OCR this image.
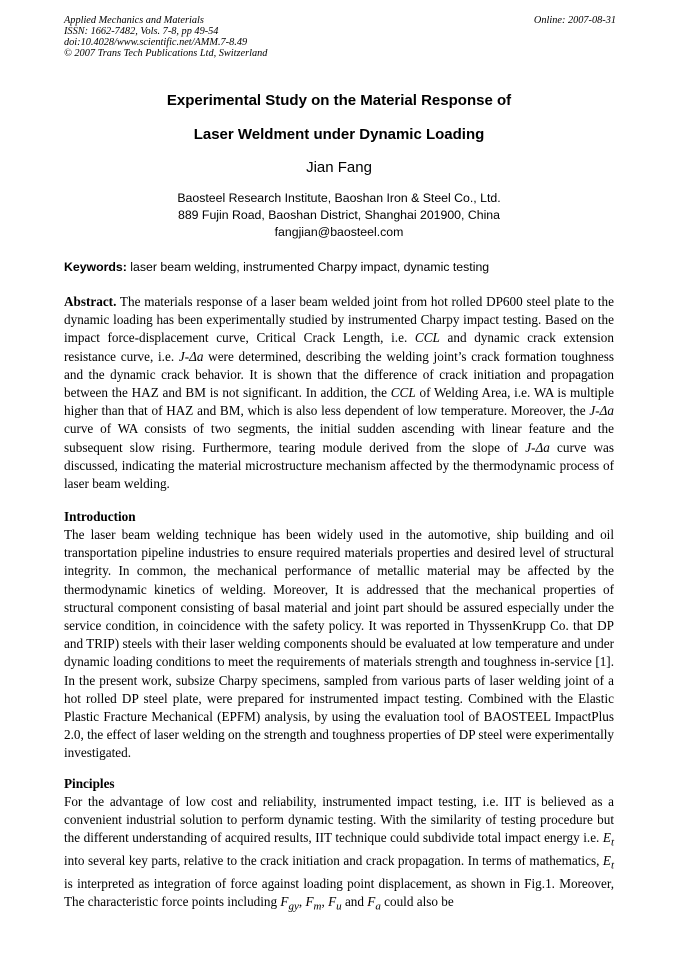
Applied Mechanics and Materials
ISSN: 1662-7482, Vols. 7-8, pp 49-54
doi:10.4028/www.scientific.net/AMM.7-8.49
© 2007 Trans Tech Publications Ltd, Switzerland
Online: 2007-08-31
Experimental Study on the Material Response of
Laser Weldment under Dynamic Loading
Jian Fang
Baosteel Research Institute, Baoshan Iron & Steel Co., Ltd.
889 Fujin Road, Baoshan District, Shanghai 201900, China
fangjian@baosteel.com
Keywords: laser beam welding, instrumented Charpy impact, dynamic testing
Abstract. The materials response of a laser beam welded joint from hot rolled DP600 steel plate to the dynamic loading has been experimentally studied by instrumented Charpy impact testing. Based on the impact force-displacement curve, Critical Crack Length, i.e. CCL and dynamic crack extension resistance curve, i.e. J-Δa were determined, describing the welding joint’s crack formation toughness and the dynamic crack behavior. It is shown that the difference of crack initiation and propagation between the HAZ and BM is not significant. In addition, the CCL of Welding Area, i.e. WA is multiple higher than that of HAZ and BM, which is also less dependent of low temperature. Moreover, the J-Δa curve of WA consists of two segments, the initial sudden ascending with linear feature and the subsequent slow rising. Furthermore, tearing module derived from the slope of J-Δa curve was discussed, indicating the material microstructure mechanism affected by the thermodynamic process of laser beam welding.
Introduction
The laser beam welding technique has been widely used in the automotive, ship building and oil transportation pipeline industries to ensure required materials properties and desired level of structural integrity. In common, the mechanical performance of metallic material may be affected by the thermodynamic kinetics of welding. Moreover, It is addressed that the mechanical properties of structural component consisting of basal material and joint part should be assured especially under the service condition, in coincidence with the safety policy. It was reported in ThyssenKrupp Co. that DP and TRIP) steels with their laser welding components should be evaluated at low temperature and under dynamic loading conditions to meet the requirements of materials strength and toughness in-service [1]. In the present work, subsize Charpy specimens, sampled from various parts of laser welding joint of a hot rolled DP steel plate, were prepared for instrumented impact testing. Combined with the Elastic Plastic Fracture Mechanical (EPFM) analysis, by using the evaluation tool of BAOSTEEL ImpactPlus 2.0, the effect of laser welding on the strength and toughness properties of DP steel were experimentally investigated.
Pinciples
For the advantage of low cost and reliability, instrumented impact testing, i.e. IIT is believed as a convenient industrial solution to perform dynamic testing. With the similarity of testing procedure but the different understanding of acquired results, IIT technique could subdivide total impact energy i.e. $E_t$ into several key parts, relative to the crack initiation and crack propagation. In terms of mathematics, $E_t$ is interpreted as integration of force against loading point displacement, as shown in Fig.1. Moreover, The characteristic force points including $F_{gy}$, $F_m$, $F_u$ and $F_a$ could also be
